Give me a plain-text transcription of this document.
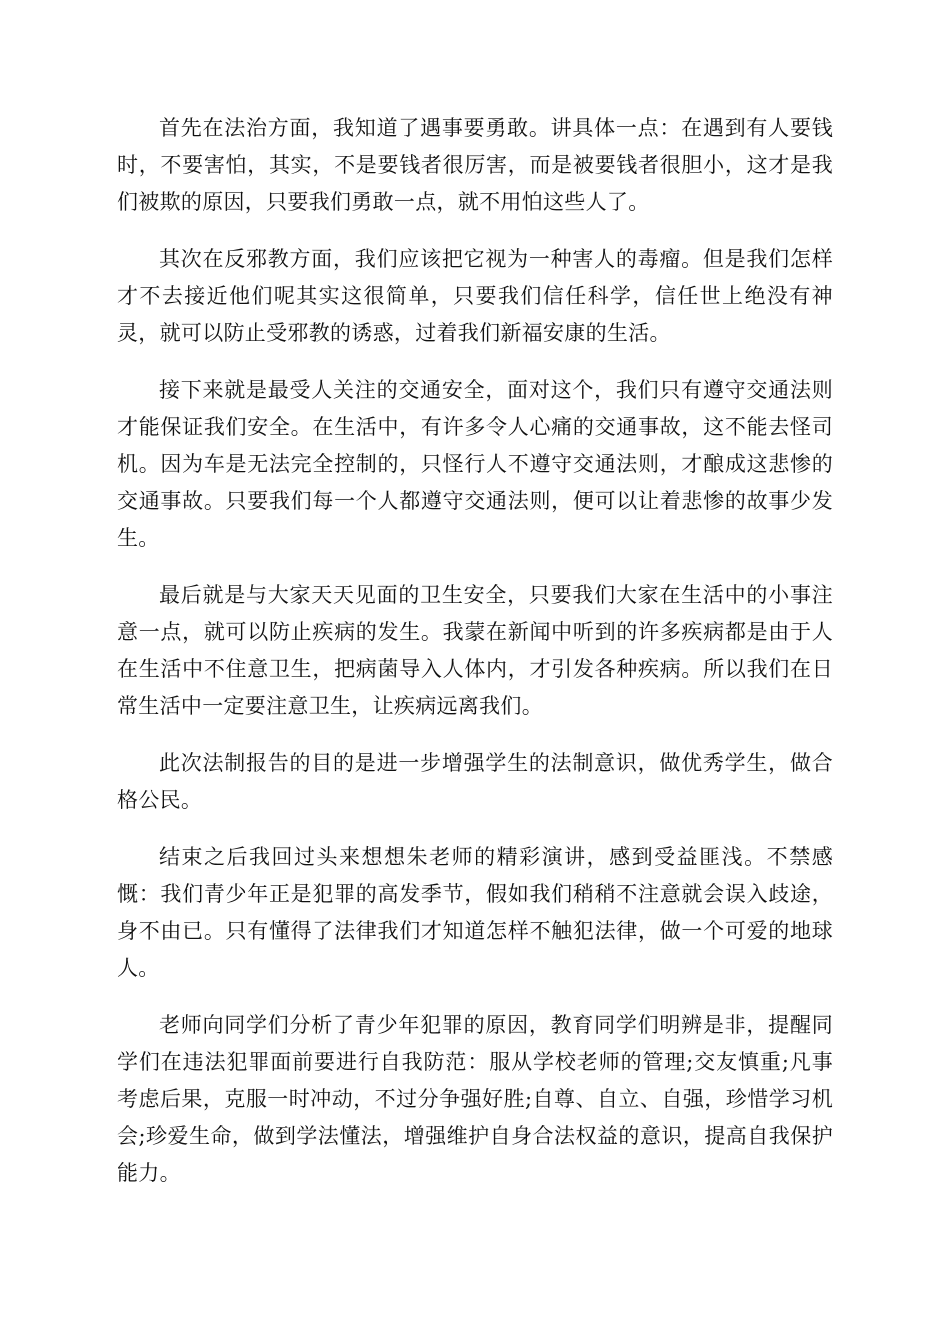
首先在法治方面，我知道了遇事要勇敢。讲具体一点：在遇到有人要钱时，不要害怕，其实，不是要钱者很厉害，而是被要钱者很胆小，这才是我们被欺的原因，只要我们勇敢一点，就不用怕这些人了。

其次在反邪教方面，我们应该把它视为一种害人的毒瘤。但是我们怎样才不去接近他们呢其实这很简单，只要我们信任科学，信任世上绝没有神灵，就可以防止受邪教的诱惑，过着我们新福安康的生活。

接下来就是最受人关注的交通安全，面对这个，我们只有遵守交通法则才能保证我们安全。在生活中，有许多令人心痛的交通事故，这不能去怪司机。因为车是无法完全控制的，只怪行人不遵守交通法则，才酿成这悲惨的交通事故。只要我们每一个人都遵守交通法则，便可以让着悲惨的故事少发生。

最后就是与大家天天见面的卫生安全，只要我们大家在生活中的小事注意一点，就可以防止疾病的发生。我蒙在新闻中听到的许多疾病都是由于人在生活中不住意卫生，把病菌导入人体内，才引发各种疾病。所以我们在日常生活中一定要注意卫生，让疾病远离我们。

此次法制报告的目的是进一步增强学生的法制意识，做优秀学生，做合格公民。

结束之后我回过头来想想朱老师的精彩演讲，感到受益匪浅。不禁感慨：我们青少年正是犯罪的高发季节，假如我们稍稍不注意就会误入歧途，身不由已。只有懂得了法律我们才知道怎样不触犯法律，做一个可爱的地球人。

老师向同学们分析了青少年犯罪的原因，教育同学们明辨是非，提醒同学们在违法犯罪面前要进行自我防范：服从学校老师的管理;交友慎重;凡事考虑后果，克服一时冲动，不过分争强好胜;自尊、自立、自强，珍惜学习机会;珍爱生命，做到学法懂法，增强维护自身合法权益的意识，提高自我保护能力。
